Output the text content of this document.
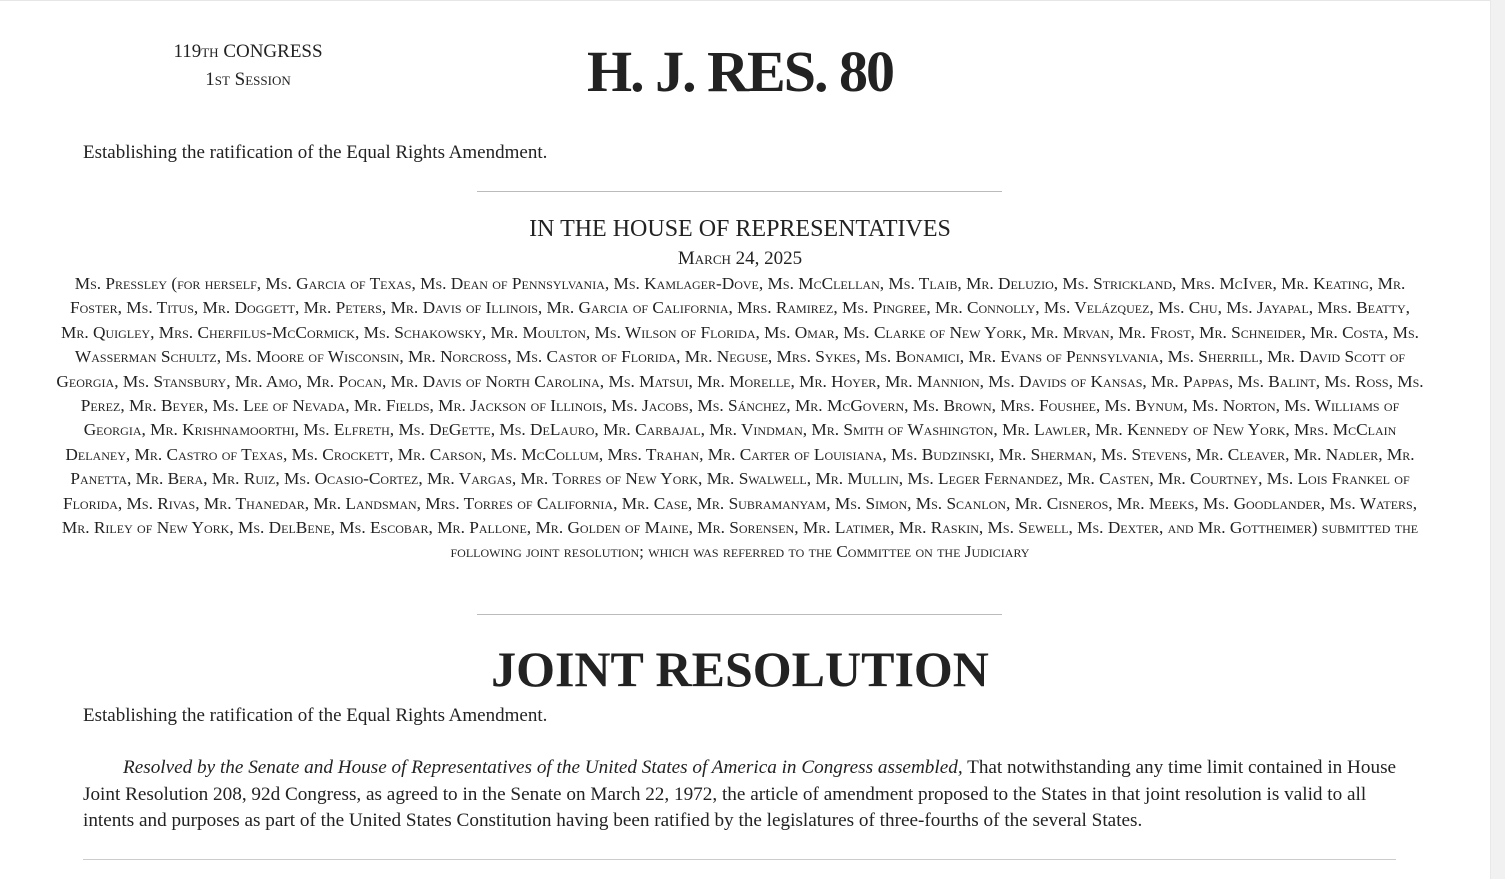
119th CONGRESS
1st Session	H. J. RES. 80
Establishing the ratification of the Equal Rights Amendment.
IN THE HOUSE OF REPRESENTATIVES
March 24, 2025
Ms. Pressley (for herself, Ms. Garcia of Texas, Ms. Dean of Pennsylvania, Ms. Kamlager-Dove, Ms. McClellan, Ms. Tlaib, Mr. Deluzio, Ms. Strickland, Mrs. McIver, Mr. Keating, Mr. Foster, Ms. Titus, Mr. Doggett, Mr. Peters, Mr. Davis of Illinois, Mr. Garcia of California, Mrs. Ramirez, Ms. Pingree, Mr. Connolly, Ms. Velázquez, Ms. Chu, Ms. Jayapal, Mrs. Beatty, Mr. Quigley, Mrs. Cherfilus-McCormick, Ms. Schakowsky, Mr. Moulton, Ms. Wilson of Florida, Ms. Omar, Ms. Clarke of New York, Mr. Mrvan, Mr. Frost, Mr. Schneider, Mr. Costa, Ms. Wasserman Schultz, Ms. Moore of Wisconsin, Mr. Norcross, Ms. Castor of Florida, Mr. Neguse, Mrs. Sykes, Ms. Bonamici, Mr. Evans of Pennsylvania, Ms. Sherrill, Mr. David Scott of Georgia, Ms. Stansbury, Mr. Amo, Mr. Pocan, Mr. Davis of North Carolina, Ms. Matsui, Mr. Morelle, Mr. Hoyer, Mr. Mannion, Ms. Davids of Kansas, Mr. Pappas, Ms. Balint, Ms. Ross, Ms. Perez, Mr. Beyer, Ms. Lee of Nevada, Mr. Fields, Mr. Jackson of Illinois, Ms. Jacobs, Ms. Sánchez, Mr. McGovern, Ms. Brown, Mrs. Foushee, Ms. Bynum, Ms. Norton, Ms. Williams of Georgia, Mr. Krishnamoorthi, Ms. Elfreth, Ms. DeGette, Ms. DeLauro, Mr. Carbajal, Mr. Vindman, Mr. Smith of Washington, Mr. Lawler, Mr. Kennedy of New York, Mrs. McClain Delaney, Mr. Castro of Texas, Ms. Crockett, Mr. Carson, Ms. McCollum, Mrs. Trahan, Mr. Carter of Louisiana, Ms. Budzinski, Mr. Sherman, Ms. Stevens, Mr. Cleaver, Mr. Nadler, Mr. Panetta, Mr. Bera, Mr. Ruiz, Ms. Ocasio-Cortez, Mr. Vargas, Mr. Torres of New York, Mr. Swalwell, Mr. Mullin, Ms. Leger Fernandez, Mr. Casten, Mr. Courtney, Ms. Lois Frankel of Florida, Ms. Rivas, Mr. Thanedar, Mr. Landsman, Mrs. Torres of California, Mr. Case, Mr. Subramanyam, Ms. Simon, Ms. Scanlon, Mr. Cisneros, Mr. Meeks, Ms. Goodlander, Ms. Waters, Mr. Riley of New York, Ms. DelBene, Ms. Escobar, Mr. Pallone, Mr. Golden of Maine, Mr. Sorensen, Mr. Latimer, Mr. Raskin, Ms. Sewell, Ms. Dexter, and Mr. Gottheimer) submitted the following joint resolution; which was referred to the Committee on the Judiciary
JOINT RESOLUTION
Establishing the ratification of the Equal Rights Amendment.
Resolved by the Senate and House of Representatives of the United States of America in Congress assembled, That notwithstanding any time limit contained in House Joint Resolution 208, 92d Congress, as agreed to in the Senate on March 22, 1972, the article of amendment proposed to the States in that joint resolution is valid to all intents and purposes as part of the United States Constitution having been ratified by the legislatures of three-fourths of the several States.
